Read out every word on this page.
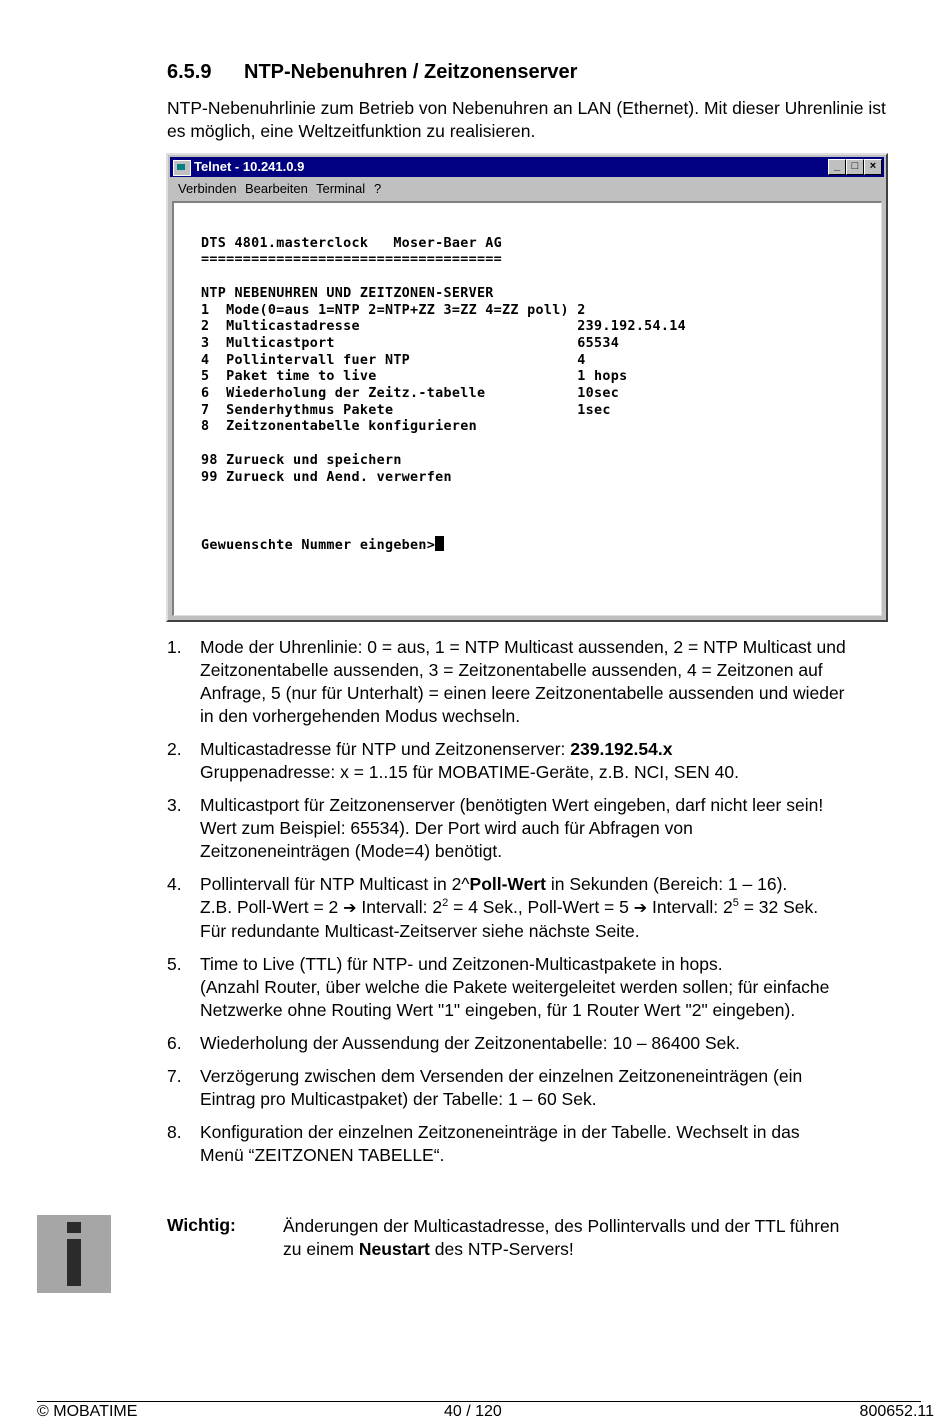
6.5.9 NTP-Nebenuhren / Zeitzonenserver
NTP-Nebenuhrlinie zum Betrieb von Nebenuhren an LAN (Ethernet). Mit dieser Uhrenlinie ist es möglich, eine Weltzeitfunktion zu realisieren.
Telnet - 10.241.0.9	_	□	×
Verbinden Bearbeiten Terminal ?

DTS 4801.masterclock   Moser-Baer AG
====================================

NTP NEBENUHREN UND ZEITZONEN-SERVER
1  Mode(0=aus 1=NTP 2=NTP+ZZ 3=ZZ 4=ZZ poll) 2
2  Multicastadresse                          239.192.54.14
3  Multicastport                             65534
4  Pollintervall fuer NTP                    4
5  Paket time to live                        1 hops
6  Wiederholung der Zeitz.-tabelle           10sec
7  Senderhythmus Pakete                      1sec
8  Zeitzonentabelle konfigurieren

98 Zurueck und speichern
99 Zurueck und Aend. verwerfen

Gewuenschte Nummer eingeben>
1. Mode der Uhrenlinie: 0 = aus, 1 = NTP Multicast aussenden, 2 = NTP Multicast und
Zeitzonentabelle aussenden, 3 = Zeitzonentabelle aussenden, 4 = Zeitzonen auf
Anfrage, 5 (nur für Unterhalt) = einen leere Zeitzonentabelle aussenden und wieder
in den vorhergehenden Modus wechseln.
2. Multicastadresse für NTP und Zeitzonenserver: 239.192.54.x
Gruppenadresse: x = 1..15 für MOBATIME-Geräte, z.B. NCI, SEN 40.
3. Multicastport für Zeitzonenserver (benötigten Wert eingeben, darf nicht leer sein!
Wert zum Beispiel: 65534). Der Port wird auch für Abfragen von
Zeitzoneneinträgen (Mode=4) benötigt.
4. Pollintervall für NTP Multicast in 2^Poll-Wert in Sekunden (Bereich: 1 – 16).
Z.B. Poll-Wert = 2 ➔ Intervall: $2^2 = 4$ Sek., Poll-Wert = 5 ➔ Intervall: $2^5 = 32$ Sek.
Für redundante Multicast-Zeitserver siehe nächste Seite.
5. Time to Live (TTL) für NTP- und Zeitzonen-Multicastpakete in hops.
(Anzahl Router, über welche die Pakete weitergeleitet werden sollen; für einfache
Netzwerke ohne Routing Wert "1" eingeben, für 1 Router Wert "2" eingeben).
6. Wiederholung der Aussendung der Zeitzonentabelle: 10 – 86400 Sek.
7. Verzögerung zwischen dem Versenden der einzelnen Zeitzoneneinträgen (ein
Eintrag pro Multicastpaket) der Tabelle: 1 – 60 Sek.
8. Konfiguration der einzelnen Zeitzoneneinträge in der Tabelle. Wechselt in das
Menü “ZEITZONEN TABELLE“.
Wichtig:	Änderungen der Multicastadresse, des Pollintervalls und der TTL führen
zu einem Neustart des NTP-Servers!
© MOBATIME	40 / 120	800652.11
